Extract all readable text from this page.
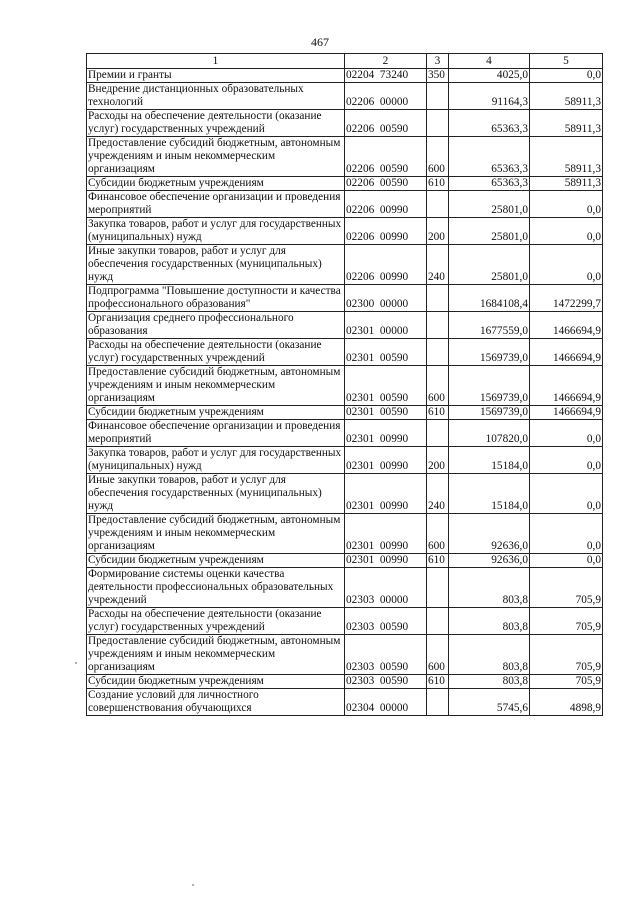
467
1	2	3	4	5
Премии и гранты	02204  73240	350	4025,0	0,0
Внедрение дистанционных образовательных технологий	02206  00000		91164,3	58911,3
Расходы на обеспечение деятельности (оказание услуг) государственных учреждений	02206  00590		65363,3	58911,3
Предоставление субсидий бюджетным, автономным учреждениям и иным некоммерческим организациям	02206  00590	600	65363,3	58911,3
Субсидии бюджетным учреждениям	02206  00590	610	65363,3	58911,3
Финансовое обеспечение организации и проведения мероприятий	02206  00990		25801,0	0,0
Закупка товаров, работ и услуг для государственных (муниципальных) нужд	02206  00990	200	25801,0	0,0
Иные закупки товаров, работ и услуг для обеспечения государственных (муниципальных) нужд	02206  00990	240	25801,0	0,0
Подпрограмма "Повышение доступности и качества профессионального образования"	02300  00000		1684108,4	1472299,7
Организация среднего профессионального образования	02301  00000		1677559,0	1466694,9
Расходы на обеспечение деятельности (оказание услуг) государственных учреждений	02301  00590		1569739,0	1466694,9
Предоставление субсидий бюджетным, автономным учреждениям и иным некоммерческим организациям	02301  00590	600	1569739,0	1466694,9
Субсидии бюджетным учреждениям	02301  00590	610	1569739,0	1466694,9
Финансовое обеспечение организации и проведения мероприятий	02301  00990		107820,0	0,0
Закупка товаров, работ и услуг для государственных (муниципальных) нужд	02301  00990	200	15184,0	0,0
Иные закупки товаров, работ и услуг для обеспечения государственных (муниципальных) нужд	02301  00990	240	15184,0	0,0
Предоставление субсидий бюджетным, автономным учреждениям и иным некоммерческим организациям	02301  00990	600	92636,0	0,0
Субсидии бюджетным учреждениям	02301  00990	610	92636,0	0,0
Формирование системы оценки качества деятельности профессиональных образовательных учреждений	02303  00000		803,8	705,9
Расходы на обеспечение деятельности (оказание услуг) государственных учреждений	02303  00590		803,8	705,9
Предоставление субсидий бюджетным, автономным учреждениям и иным некоммерческим организациям	02303  00590	600	803,8	705,9
Субсидии бюджетным учреждениям	02303  00590	610	803,8	705,9
Создание условий для личностного совершенствования обучающихся	02304  00000		5745,6	4898,9
